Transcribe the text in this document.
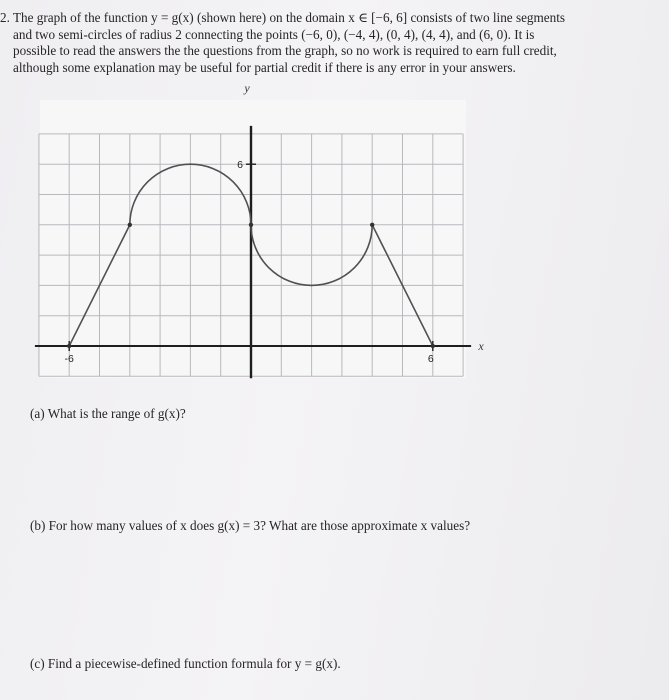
2. The graph of the function y = g(x) (shown here) on the domain x ∈ [−6, 6] consists of two line segments
and two semi-circles of radius 2 connecting the points (−6, 0), (−4, 4), (0, 4), (4, 4), and (6, 0). It is
possible to read the answers the the questions from the graph, so no work is required to earn full credit,
although some explanation may be useful for partial credit if there is any error in your answers.
y
x
-6	6
6

(a) What is the range of g(x)?

(b) For how many values of x does g(x) = 3? What are those approximate x values?

(c) Find a piecewise-defined function formula for y = g(x).
